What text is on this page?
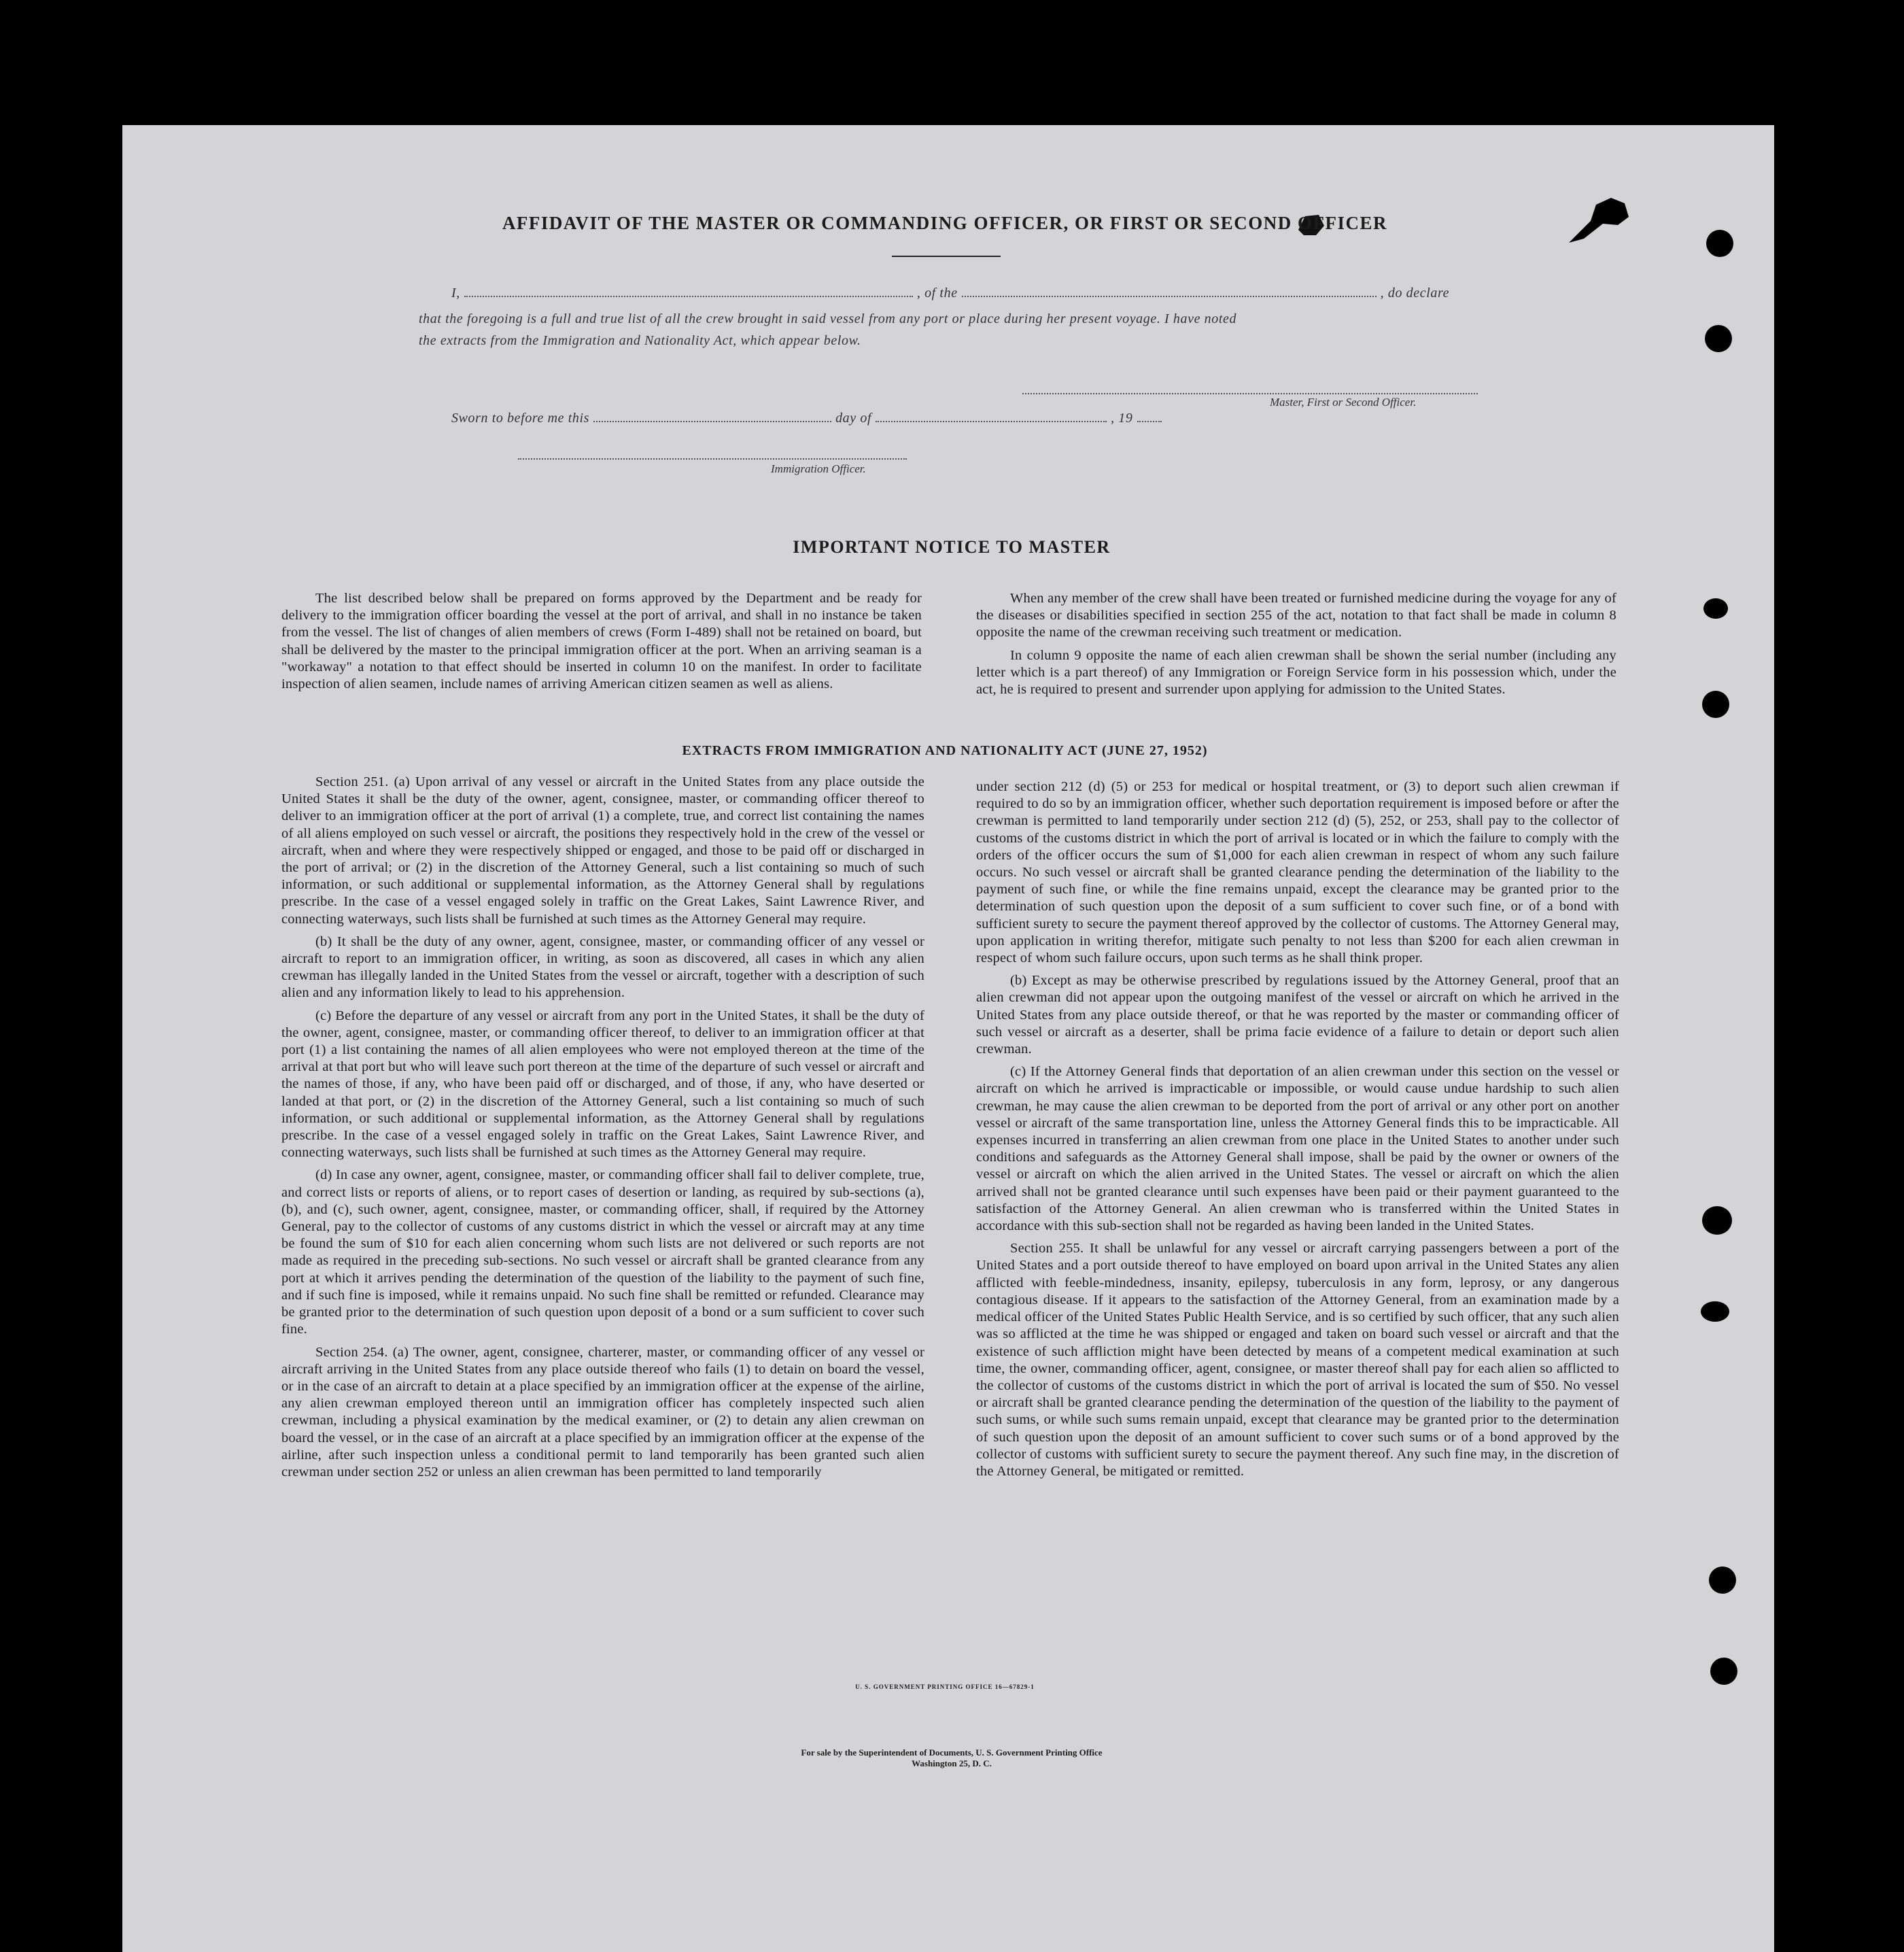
AFFIDAVIT OF THE MASTER OR COMMANDING OFFICER, OR FIRST OR SECOND OFFICER
I,	, of the	, do declare
that the foregoing is a full and true list of all the crew brought in said vessel from any port or place during her present voyage. I have noted
the extracts from the Immigration and Nationality Act, which appear below.
Master, First or Second Officer.
Sworn to before me this	day of	, 19
Immigration Officer.
IMPORTANT NOTICE TO MASTER

The list described below shall be prepared on forms approved by the Department and be ready for delivery to the immigration officer boarding the vessel at the port of arrival, and shall in no instance be taken from the vessel. The list of changes of alien members of crews (Form I-489) shall not be retained on board, but shall be delivered by the master to the principal immigration officer at the port. When an arriving seaman is a "workaway" a notation to that effect should be inserted in column 10 on the manifest. In order to facilitate inspection of alien seamen, include names of arriving American citizen seamen as well as aliens.

When any member of the crew shall have been treated or furnished medicine during the voyage for any of the diseases or disabilities specified in section 255 of the act, notation to that fact shall be made in column 8 opposite the name of the crewman receiving such treatment or medication.

In column 9 opposite the name of each alien crewman shall be shown the serial number (including any letter which is a part thereof) of any Immigration or Foreign Service form in his possession which, under the act, he is required to present and surrender upon applying for admission to the United States.

EXTRACTS FROM IMMIGRATION AND NATIONALITY ACT (JUNE 27, 1952)

Section 251. (a) Upon arrival of any vessel or aircraft in the United States from any place outside the United States it shall be the duty of the owner, agent, consignee, master, or commanding officer thereof to deliver to an immigration officer at the port of arrival (1) a complete, true, and correct list containing the names of all aliens employed on such vessel or aircraft, the positions they respectively hold in the crew of the vessel or aircraft, when and where they were respectively shipped or engaged, and those to be paid off or discharged in the port of arrival; or (2) in the discretion of the Attorney General, such a list containing so much of such information, or such additional or supplemental information, as the Attorney General shall by regulations prescribe. In the case of a vessel engaged solely in traffic on the Great Lakes, Saint Lawrence River, and connecting waterways, such lists shall be furnished at such times as the Attorney General may require.

(b) It shall be the duty of any owner, agent, consignee, master, or commanding officer of any vessel or aircraft to report to an immigration officer, in writing, as soon as discovered, all cases in which any alien crewman has illegally landed in the United States from the vessel or aircraft, together with a description of such alien and any information likely to lead to his apprehension.

(c) Before the departure of any vessel or aircraft from any port in the United States, it shall be the duty of the owner, agent, consignee, master, or commanding officer thereof, to deliver to an immigration officer at that port (1) a list containing the names of all alien employees who were not employed thereon at the time of the arrival at that port but who will leave such port thereon at the time of the departure of such vessel or aircraft and the names of those, if any, who have been paid off or discharged, and of those, if any, who have deserted or landed at that port, or (2) in the discretion of the Attorney General, such a list containing so much of such information, or such additional or supplemental information, as the Attorney General shall by regulations prescribe. In the case of a vessel engaged solely in traffic on the Great Lakes, Saint Lawrence River, and connecting waterways, such lists shall be furnished at such times as the Attorney General may require.

(d) In case any owner, agent, consignee, master, or commanding officer shall fail to deliver complete, true, and correct lists or reports of aliens, or to report cases of desertion or landing, as required by sub-sections (a), (b), and (c), such owner, agent, consignee, master, or commanding officer, shall, if required by the Attorney General, pay to the collector of customs of any customs district in which the vessel or aircraft may at any time be found the sum of $10 for each alien concerning whom such lists are not delivered or such reports are not made as required in the preceding sub-sections. No such vessel or aircraft shall be granted clearance from any port at which it arrives pending the determination of the question of the liability to the payment of such fine, and if such fine is imposed, while it remains unpaid. No such fine shall be remitted or refunded. Clearance may be granted prior to the determination of such question upon deposit of a bond or a sum sufficient to cover such fine.

Section 254. (a) The owner, agent, consignee, charterer, master, or commanding officer of any vessel or aircraft arriving in the United States from any place outside thereof who fails (1) to detain on board the vessel, or in the case of an aircraft to detain at a place specified by an immigration officer at the expense of the airline, any alien crewman employed thereon until an immigration officer has completely inspected such alien crewman, including a physical examination by the medical examiner, or (2) to detain any alien crewman on board the vessel, or in the case of an aircraft at a place specified by an immigration officer at the expense of the airline, after such inspection unless a conditional permit to land temporarily has been granted such alien crewman under section 252 or unless an alien crewman has been permitted to land temporarily

under section 212 (d) (5) or 253 for medical or hospital treatment, or (3) to deport such alien crewman if required to do so by an immigration officer, whether such deportation requirement is imposed before or after the crewman is permitted to land temporarily under section 212 (d) (5), 252, or 253, shall pay to the collector of customs of the customs district in which the port of arrival is located or in which the failure to comply with the orders of the officer occurs the sum of $1,000 for each alien crewman in respect of whom any such failure occurs. No such vessel or aircraft shall be granted clearance pending the determination of the liability to the payment of such fine, or while the fine remains unpaid, except the clearance may be granted prior to the determination of such question upon the deposit of a sum sufficient to cover such fine, or of a bond with sufficient surety to secure the payment thereof approved by the collector of customs. The Attorney General may, upon application in writing therefor, mitigate such penalty to not less than $200 for each alien crewman in respect of whom such failure occurs, upon such terms as he shall think proper.

(b) Except as may be otherwise prescribed by regulations issued by the Attorney General, proof that an alien crewman did not appear upon the outgoing manifest of the vessel or aircraft on which he arrived in the United States from any place outside thereof, or that he was reported by the master or commanding officer of such vessel or aircraft as a deserter, shall be prima facie evidence of a failure to detain or deport such alien crewman.

(c) If the Attorney General finds that deportation of an alien crewman under this section on the vessel or aircraft on which he arrived is impracticable or impossible, or would cause undue hardship to such alien crewman, he may cause the alien crewman to be deported from the port of arrival or any other port on another vessel or aircraft of the same transportation line, unless the Attorney General finds this to be impracticable. All expenses incurred in transferring an alien crewman from one place in the United States to another under such conditions and safeguards as the Attorney General shall impose, shall be paid by the owner or owners of the vessel or aircraft on which the alien arrived in the United States. The vessel or aircraft on which the alien arrived shall not be granted clearance until such expenses have been paid or their payment guaranteed to the satisfaction of the Attorney General. An alien crewman who is transferred within the United States in accordance with this sub-section shall not be regarded as having been landed in the United States.

Section 255. It shall be unlawful for any vessel or aircraft carrying passengers between a port of the United States and a port outside thereof to have employed on board upon arrival in the United States any alien afflicted with feeble-mindedness, insanity, epilepsy, tuberculosis in any form, leprosy, or any dangerous contagious disease. If it appears to the satisfaction of the Attorney General, from an examination made by a medical officer of the United States Public Health Service, and is so certified by such officer, that any such alien was so afflicted at the time he was shipped or engaged and taken on board such vessel or aircraft and that the existence of such affliction might have been detected by means of a competent medical examination at such time, the owner, commanding officer, agent, consignee, or master thereof shall pay for each alien so afflicted to the collector of customs of the customs district in which the port of arrival is located the sum of $50. No vessel or aircraft shall be granted clearance pending the determination of the question of the liability to the payment of such sums, or while such sums remain unpaid, except that clearance may be granted prior to the determination of such question upon the deposit of an amount sufficient to cover such sums or of a bond approved by the collector of customs with sufficient surety to secure the payment thereof. Any such fine may, in the discretion of the Attorney General, be mitigated or remitted.

U. S. GOVERNMENT PRINTING OFFICE 16—67829-1
For sale by the Superintendent of Documents, U. S. Government Printing Office
Washington 25, D. C.
